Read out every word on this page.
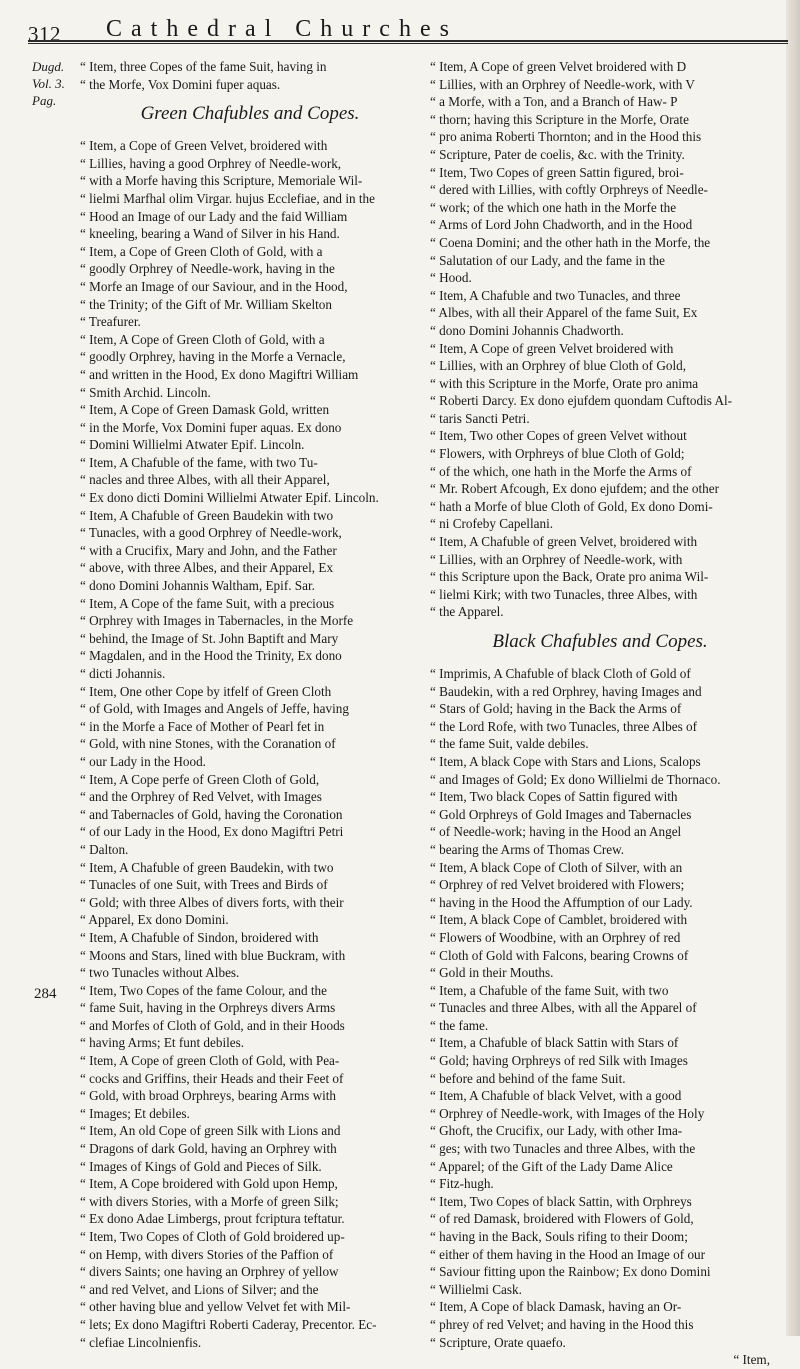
312 Cathedral Churches
Dugd.
Vol. 3.
Pag.
284
“ Item, three Copes of the fame Suit, having in
“ the Morfe, Vox Domini fuper aquas.
Green Chafubles and Copes.
“ Item, a Cope of Green Velvet, broidered with
“ Lillies, having a good Orphrey of Needle-work,
“ with a Morfe having this Scripture, Memoriale Wil-
“ lielmi Marfhal olim Virgar. hujus Ecclefiae, and in the
“ Hood an Image of our Lady and the faid William
“ kneeling, bearing a Wand of Silver in his Hand.
“ Item, a Cope of Green Cloth of Gold, with a
“ goodly Orphrey of Needle-work, having in the
“ Morfe an Image of our Saviour, and in the Hood,
“ the Trinity; of the Gift of Mr. William Skelton
“ Treafurer.
“ Item, A Cope of Green Cloth of Gold, with a
“ goodly Orphrey, having in the Morfe a Vernacle,
“ and written in the Hood, Ex dono Magiftri William
“ Smith Archid. Lincoln.
“ Item, A Cope of Green Damask Gold, written
“ in the Morfe, Vox Domini fuper aquas. Ex dono
“ Domini Willielmi Atwater Epif. Lincoln.
“ Item, A Chafuble of the fame, with two Tu-
“ nacles and three Albes, with all their Apparel,
“ Ex dono dicti Domini Willielmi Atwater Epif. Lincoln.
“ Item, A Chafuble of Green Baudekin with two
“ Tunacles, with a good Orphrey of Needle-work,
“ with a Crucifix, Mary and John, and the Father
“ above, with three Albes, and their Apparel, Ex
“ dono Domini Johannis Waltham, Epif. Sar.
“ Item, A Cope of the fame Suit, with a precious
“ Orphrey with Images in Tabernacles, in the Morfe
“ behind, the Image of St. John Baptift and Mary
“ Magdalen, and in the Hood the Trinity, Ex dono
“ dicti Johannis.
“ Item, One other Cope by itfelf of Green Cloth
“ of Gold, with Images and Angels of Jeffe, having
“ in the Morfe a Face of Mother of Pearl fet in
“ Gold, with nine Stones, with the Coranation of
“ our Lady in the Hood.
“ Item, A Cope perfe of Green Cloth of Gold,
“ and the Orphrey of Red Velvet, with Images
“ and Tabernacles of Gold, having the Coronation
“ of our Lady in the Hood, Ex dono Magiftri Petri
“ Dalton.
“ Item, A Chafuble of green Baudekin, with two
“ Tunacles of one Suit, with Trees and Birds of
“ Gold; with three Albes of divers forts, with their
“ Apparel, Ex dono Domini.
“ Item, A Chafuble of Sindon, broidered with
“ Moons and Stars, lined with blue Buckram, with
“ two Tunacles without Albes.
“ Item, Two Copes of the fame Colour, and the
“ fame Suit, having in the Orphreys divers Arms
“ and Morfes of Cloth of Gold, and in their Hoods
“ having Arms; Et funt debiles.
“ Item, A Cope of green Cloth of Gold, with Pea-
“ cocks and Griffins, their Heads and their Feet of
“ Gold, with broad Orphreys, bearing Arms with
“ Images; Et debiles.
“ Item, An old Cope of green Silk with Lions and
“ Dragons of dark Gold, having an Orphrey with
“ Images of Kings of Gold and Pieces of Silk.
“ Item, A Cope broidered with Gold upon Hemp,
“ with divers Stories, with a Morfe of green Silk;
“ Ex dono Adae Limbergs, prout fcriptura teftatur.
“ Item, Two Copes of Cloth of Gold broidered up-
“ on Hemp, with divers Stories of the Paffion of
“ divers Saints; one having an Orphrey of yellow
“ and red Velvet, and Lions of Silver; and the
“ other having blue and yellow Velvet fet with Mil-
“ lets; Ex dono Magiftri Roberti Caderay, Precentor. Ec-
“ clefiae Lincolnienfis.
“ Item, A Cope of green Velvet broidered with D
“ Lillies, with an Orphrey of Needle-work, with V
“ a Morfe, with a Ton, and a Branch of Haw- P
“ thorn; having this Scripture in the Morfe, Orate
“ pro anima Roberti Thornton; and in the Hood this
“ Scripture, Pater de coelis, &c. with the Trinity.
“ Item, Two Copes of green Sattin figured, broi-
“ dered with Lillies, with coftly Orphreys of Needle-
“ work; of the which one hath in the Morfe the
“ Arms of Lord John Chadworth, and in the Hood
“ Coena Domini; and the other hath in the Morfe, the
“ Salutation of our Lady, and the fame in the
“ Hood.
“ Item, A Chafuble and two Tunacles, and three
“ Albes, with all their Apparel of the fame Suit, Ex
“ dono Domini Johannis Chadworth.
“ Item, A Cope of green Velvet broidered with
“ Lillies, with an Orphrey of blue Cloth of Gold,
“ with this Scripture in the Morfe, Orate pro anima
“ Roberti Darcy. Ex dono ejufdem quondam Cuftodis Al-
“ taris Sancti Petri.
“ Item, Two other Copes of green Velvet without
“ Flowers, with Orphreys of blue Cloth of Gold;
“ of the which, one hath in the Morfe the Arms of
“ Mr. Robert Afcough, Ex dono ejufdem; and the other
“ hath a Morfe of blue Cloth of Gold, Ex dono Domi-
“ ni Crofeby Capellani.
“ Item, A Chafuble of green Velvet, broidered with
“ Lillies, with an Orphrey of Needle-work, with
“ this Scripture upon the Back, Orate pro anima Wil-
“ lielmi Kirk; with two Tunacles, three Albes, with
“ the Apparel.
Black Chafubles and Copes.
“ Imprimis, A Chafuble of black Cloth of Gold of
“ Baudekin, with a red Orphrey, having Images and
“ Stars of Gold; having in the Back the Arms of
“ the Lord Rofe, with two Tunacles, three Albes of
“ the fame Suit, valde debiles.
“ Item, A black Cope with Stars and Lions, Scalops
“ and Images of Gold; Ex dono Willielmi de Thornaco.
“ Item, Two black Copes of Sattin figured with
“ Gold Orphreys of Gold Images and Tabernacles
“ of Needle-work; having in the Hood an Angel
“ bearing the Arms of Thomas Crew.
“ Item, A black Cope of Cloth of Silver, with an
“ Orphrey of red Velvet broidered with Flowers;
“ having in the Hood the Affumption of our Lady.
“ Item, A black Cope of Camblet, broidered with
“ Flowers of Woodbine, with an Orphrey of red
“ Cloth of Gold with Falcons, bearing Crowns of
“ Gold in their Mouths.
“ Item, a Chafuble of the fame Suit, with two
“ Tunacles and three Albes, with all the Apparel of
“ the fame.
“ Item, a Chafuble of black Sattin with Stars of
“ Gold; having Orphreys of red Silk with Images
“ before and behind of the fame Suit.
“ Item, A Chafuble of black Velvet, with a good
“ Orphrey of Needle-work, with Images of the Holy
“ Ghoft, the Crucifix, our Lady, with other Ima-
“ ges; with two Tunacles and three Albes, with the
“ Apparel; of the Gift of the Lady Dame Alice
“ Fitz-hugh.
“ Item, Two Copes of black Sattin, with Orphreys
“ of red Damask, broidered with Flowers of Gold,
“ having in the Back, Souls rifing to their Doom;
“ either of them having in the Hood an Image of our
“ Saviour fitting upon the Rainbow; Ex dono Domini
“ Willielmi Cask.
“ Item, A Cope of black Damask, having an Or-
“ phrey of red Velvet; and having in the Hood this
“ Scripture, Orate quaefo.
“ Item,
